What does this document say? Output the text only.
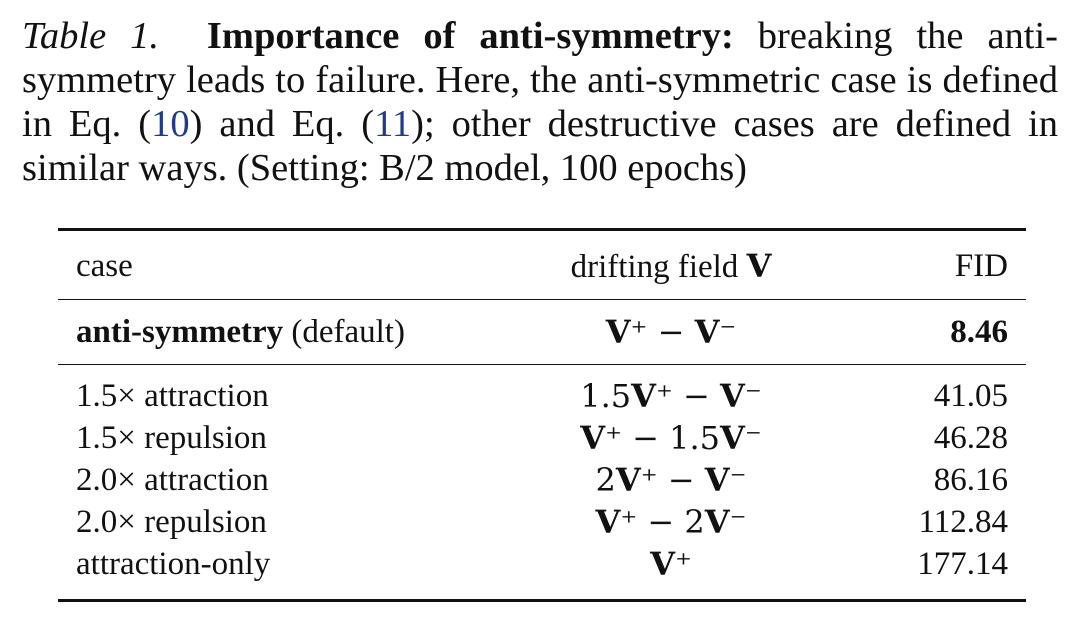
Table 1. Importance of anti-symmetry: breaking the anti-symmetry leads to failure. Here, the anti-symmetric case is defined in Eq. (10) and Eq. (11); other destructive cases are defined in similar ways. (Setting: B/2 model, 100 epochs)
case	drifting field V	FID
anti-symmetry (default)	V⁺ − V⁻	8.46
1.5× attraction	1.5V⁺ − V⁻	41.05
1.5× repulsion	V⁺ − 1.5V⁻	46.28
2.0× attraction	2V⁺ − V⁻	86.16
2.0× repulsion	V⁺ − 2V⁻	112.84
attraction-only	V⁺	177.14
